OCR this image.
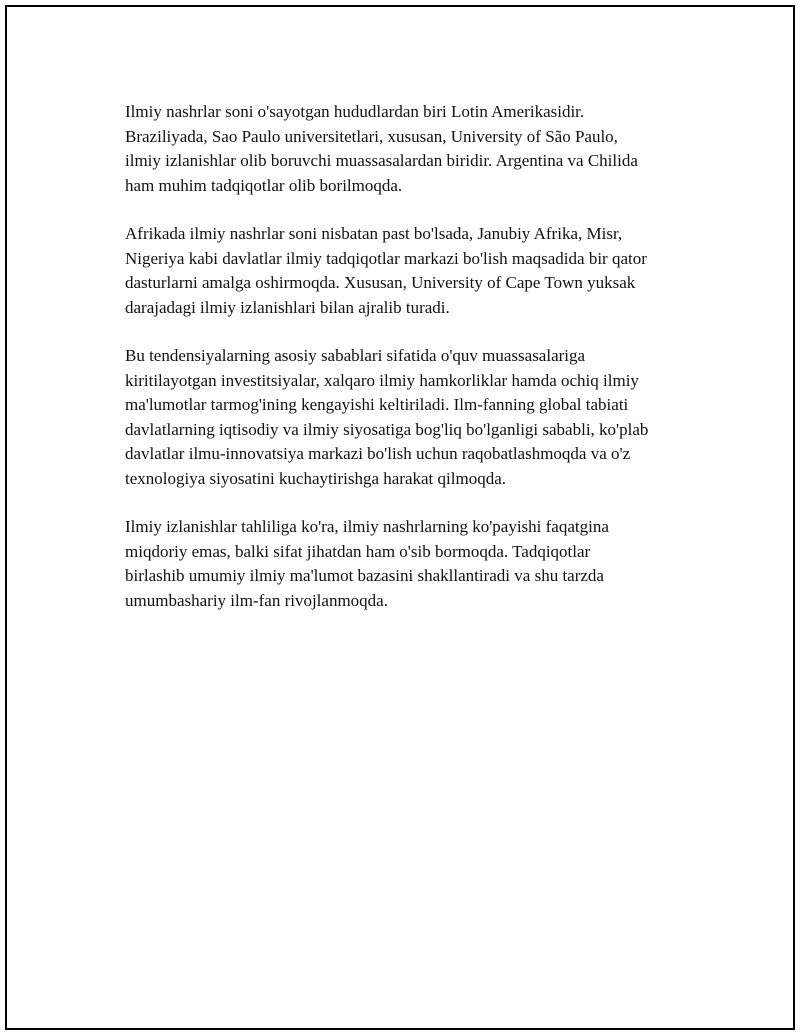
Ilmiy nashrlar soni o'sayotgan hududlardan biri Lotin Amerikasidir.
Braziliyada, Sao Paulo universitetlari, xususan, University of São Paulo,
ilmiy izlanishlar olib boruvchi muassasalardan biridir. Argentina va Chilida
ham muhim tadqiqotlar olib borilmoqda.

Afrikada ilmiy nashrlar soni nisbatan past bo'lsada, Janubiy Afrika, Misr,
Nigeriya kabi davlatlar ilmiy tadqiqotlar markazi bo'lish maqsadida bir qator
dasturlarni amalga oshirmoqda. Xususan, University of Cape Town yuksak
darajadagi ilmiy izlanishlari bilan ajralib turadi.

Bu tendensiyalarning asosiy sabablari sifatida o'quv muassasalariga
kiritilayotgan investitsiyalar, xalqaro ilmiy hamkorliklar hamda ochiq ilmiy
ma'lumotlar tarmog'ining kengayishi keltiriladi. Ilm-fanning global tabiati
davlatlarning iqtisodiy va ilmiy siyosatiga bog'liq bo'lganligi sababli, ko'plab
davlatlar ilmu-innovatsiya markazi bo'lish uchun raqobatlashmoqda va o'z
texnologiya siyosatini kuchaytirishga harakat qilmoqda.

Ilmiy izlanishlar tahliliga ko'ra, ilmiy nashrlarning ko'payishi faqatgina
miqdoriy emas, balki sifat jihatdan ham o'sib bormoqda. Tadqiqotlar
birlashib umumiy ilmiy ma'lumot bazasini shakllantiradi va shu tarzda
umumbashariy ilm-fan rivojlanmoqda.
